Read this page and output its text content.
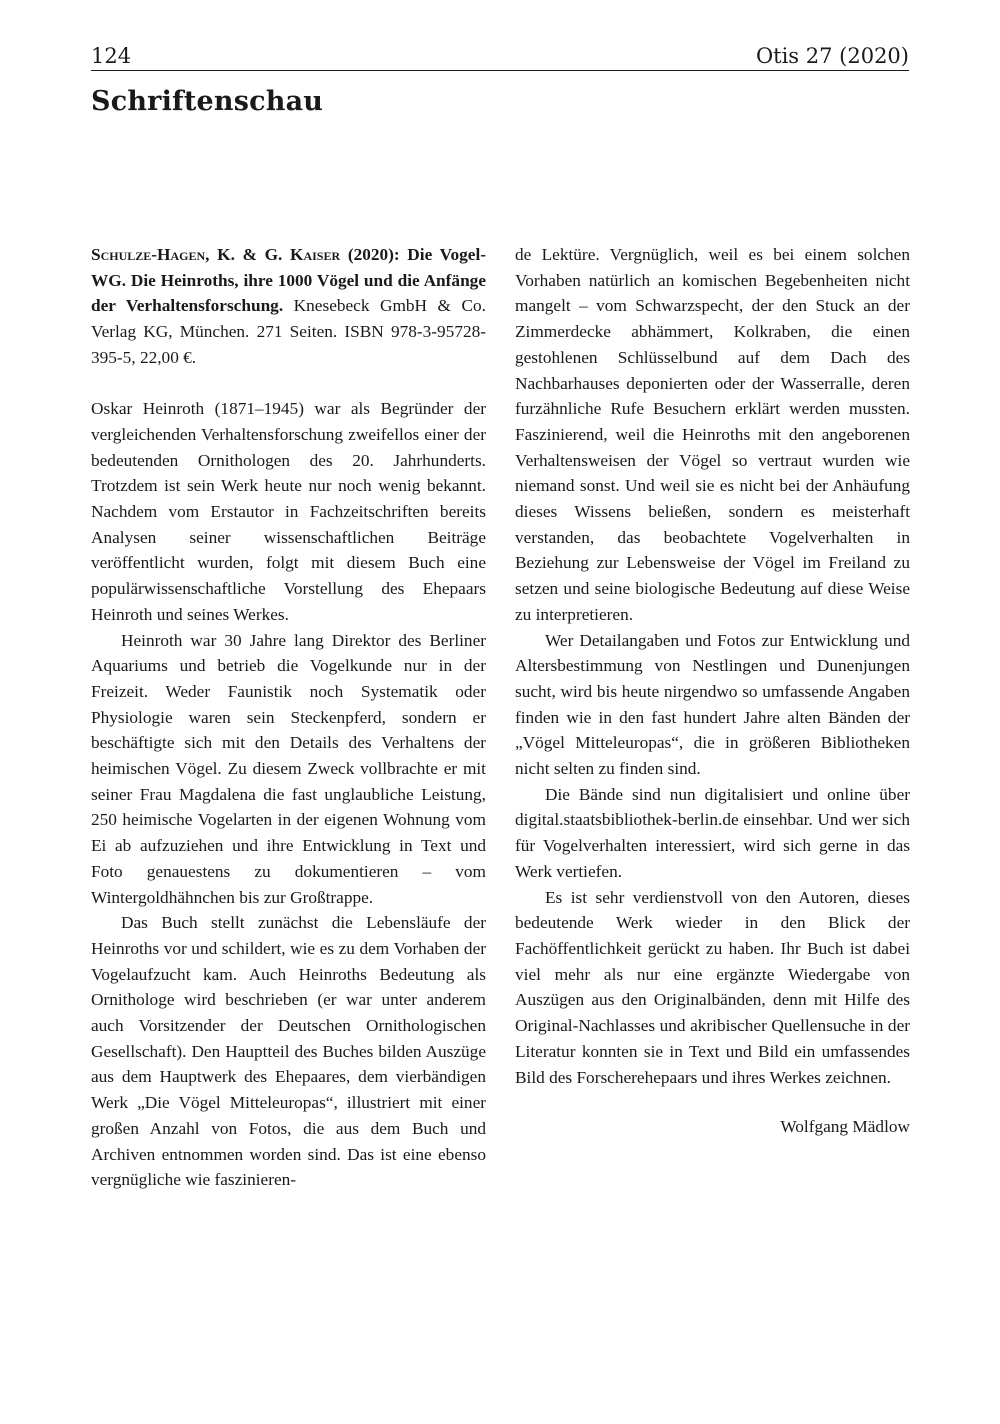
124	Otis 27 (2020)
Schriftenschau

Schulze-Hagen, K. & G. Kaiser (2020): Die Vogel-WG. Die Heinroths, ihre 1000 Vögel und die Anfänge der Verhaltensforschung. Knesebeck GmbH & Co. Verlag KG, München. 271 Seiten. ISBN 978-3-95728-395-5, 22,00 €.

Oskar Heinroth (1871–1945) war als Begründer der vergleichenden Verhaltensforschung zweifellos einer der bedeutenden Ornithologen des 20. Jahrhunderts. Trotzdem ist sein Werk heute nur noch wenig bekannt. Nachdem vom Erstautor in Fachzeitschriften bereits Analysen seiner wissenschaftlichen Beiträge veröffentlicht wurden, folgt mit diesem Buch eine populärwissenschaftliche Vorstellung des Ehepaars Heinroth und seines Werkes.

Heinroth war 30 Jahre lang Direktor des Berliner Aquariums und betrieb die Vogelkunde nur in der Freizeit. Weder Faunistik noch Systematik oder Physiologie waren sein Steckenpferd, sondern er beschäftigte sich mit den Details des Verhaltens der heimischen Vögel. Zu diesem Zweck vollbrachte er mit seiner Frau Magdalena die fast unglaubliche Leistung, 250 heimische Vogelarten in der eigenen Wohnung vom Ei ab aufzuziehen und ihre Entwicklung in Text und Foto genauestens zu dokumentieren – vom Wintergoldhähnchen bis zur Großtrappe.

Das Buch stellt zunächst die Lebensläufe der Heinroths vor und schildert, wie es zu dem Vorhaben der Vogelaufzucht kam. Auch Heinroths Bedeutung als Ornithologe wird beschrieben (er war unter anderem auch Vorsitzender der Deutschen Ornithologischen Gesellschaft). Den Hauptteil des Buches bilden Auszüge aus dem Hauptwerk des Ehepaares, dem vierbändigen Werk „Die Vögel Mitteleuropas“, illustriert mit einer großen Anzahl von Fotos, die aus dem Buch und Archiven entnommen worden sind. Das ist eine ebenso vergnügliche wie faszinieren-

de Lektüre. Vergnüglich, weil es bei einem solchen Vorhaben natürlich an komischen Begebenheiten nicht mangelt – vom Schwarzspecht, der den Stuck an der Zimmerdecke abhämmert, Kolkraben, die einen gestohlenen Schlüsselbund auf dem Dach des Nachbarhauses deponierten oder der Wasserralle, deren furzähnliche Rufe Besuchern erklärt werden mussten. Faszinierend, weil die Heinroths mit den angeborenen Verhaltensweisen der Vögel so vertraut wurden wie niemand sonst. Und weil sie es nicht bei der Anhäufung dieses Wissens beließen, sondern es meisterhaft verstanden, das beobachtete Vogelverhalten in Beziehung zur Lebensweise der Vögel im Freiland zu setzen und seine biologische Bedeutung auf diese Weise zu interpretieren.

Wer Detailangaben und Fotos zur Entwicklung und Altersbestimmung von Nestlingen und Dunenjungen sucht, wird bis heute nirgendwo so umfassende Angaben finden wie in den fast hundert Jahre alten Bänden der „Vögel Mitteleuropas“, die in größeren Bibliotheken nicht selten zu finden sind.

Die Bände sind nun digitalisiert und online über digital.staatsbibliothek-berlin.de einsehbar. Und wer sich für Vogelverhalten interessiert, wird sich gerne in das Werk vertiefen.

Es ist sehr verdienstvoll von den Autoren, dieses bedeutende Werk wieder in den Blick der Fachöffentlichkeit gerückt zu haben. Ihr Buch ist dabei viel mehr als nur eine ergänzte Wiedergabe von Auszügen aus den Originalbänden, denn mit Hilfe des Original-Nachlasses und akribischer Quellensuche in der Literatur konnten sie in Text und Bild ein umfassendes Bild des Forscherehepaars und ihres Werkes zeichnen.

Wolfgang Mädlow
